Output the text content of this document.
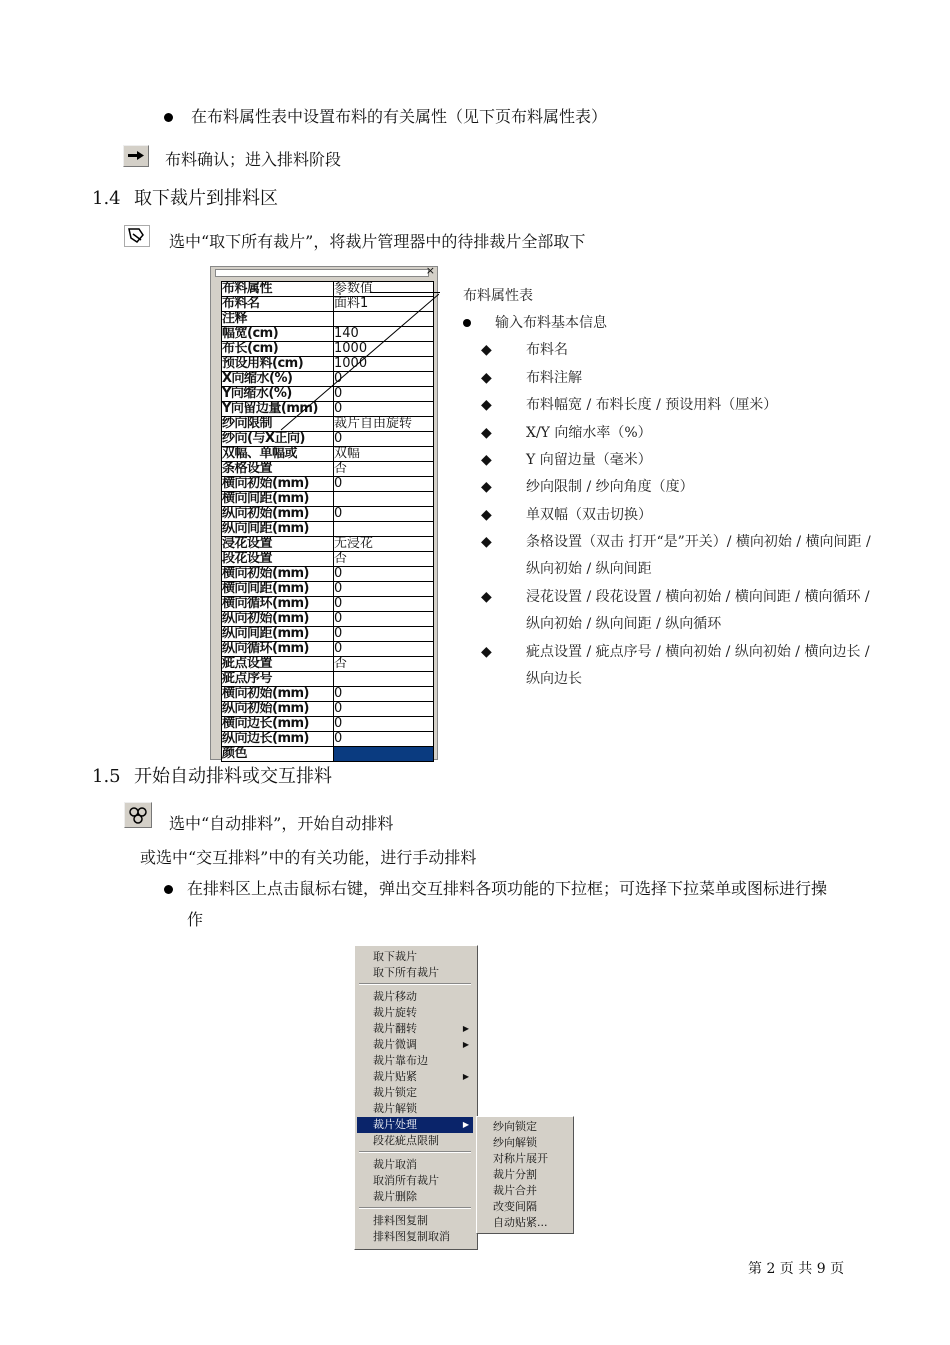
在布料属性表中设置布料的有关属性（见下页布料属性表）
布料确认；进入排料阶段
1.4 取下裁片到排料区
选中“取下所有裁片”，将裁片管理器中的待排裁片全部取下
×
布料属性	参数值
布料名	面料1
注释
幅宽(cm)	140
布长(cm)	1000
预设用料(cm)	1000
X向缩水(%)	0
Y向缩水(%)	0
Y向留边量(mm)	0
纱向限制	裁片自由旋转
纱向(与X正向)	0
双幅、单幅或	双幅
条格设置	否
横向初始(mm)	0
横向间距(mm)
纵向初始(mm)	0
纵向间距(mm)
浸花设置	无浸花
段花设置	否
横向初始(mm)	0
横向间距(mm)	0
横向循环(mm)	0
纵向初始(mm)	0
纵向间距(mm)	0
纵向循环(mm)	0
疵点设置	否
疵点序号
横向初始(mm)	0
纵向初始(mm)	0
横向边长(mm)	0
纵向边长(mm)	0
颜色
布料属性表
输入布料基本信息
◆ 布料名
◆ 布料注解
◆ 布料幅宽 / 布料长度 / 预设用料（厘米）
◆ X/Y 向缩水率（%）
◆ Y 向留边量（毫米）
◆ 纱向限制 / 纱向角度（度）
◆ 单双幅（双击切换）
◆ 条格设置（双击 打开“是”开关）/ 横向初始 / 横向间距 /
纵向初始 / 纵向间距
◆ 浸花设置 / 段花设置 / 横向初始 / 横向间距 / 横向循环 /
纵向初始 / 纵向间距 / 纵向循环
◆ 疵点设置 / 疵点序号 / 横向初始 / 纵向初始 / 横向边长 /
纵向边长
1.5 开始自动排料或交互排料
选中“自动排料”，开始自动排料
或选中“交互排料”中的有关功能，进行手动排料
在排料区上点击鼠标右键，弹出交互排料各项功能的下拉框；可选择下拉菜单或图标进行操
作
取下裁片
取下所有裁片
裁片移动
裁片旋转
裁片翻转	▶
裁片微调	▶
裁片靠布边
裁片贴紧	▶
裁片锁定
裁片解锁
裁片处理	▶
段花疵点限制
裁片取消
取消所有裁片
裁片删除
排料图复制
排料图复制取消
纱向锁定
纱向解锁
对称片展开
裁片分割
裁片合并
改变间隔
自动贴紧...
第 2 页 共 9 页
